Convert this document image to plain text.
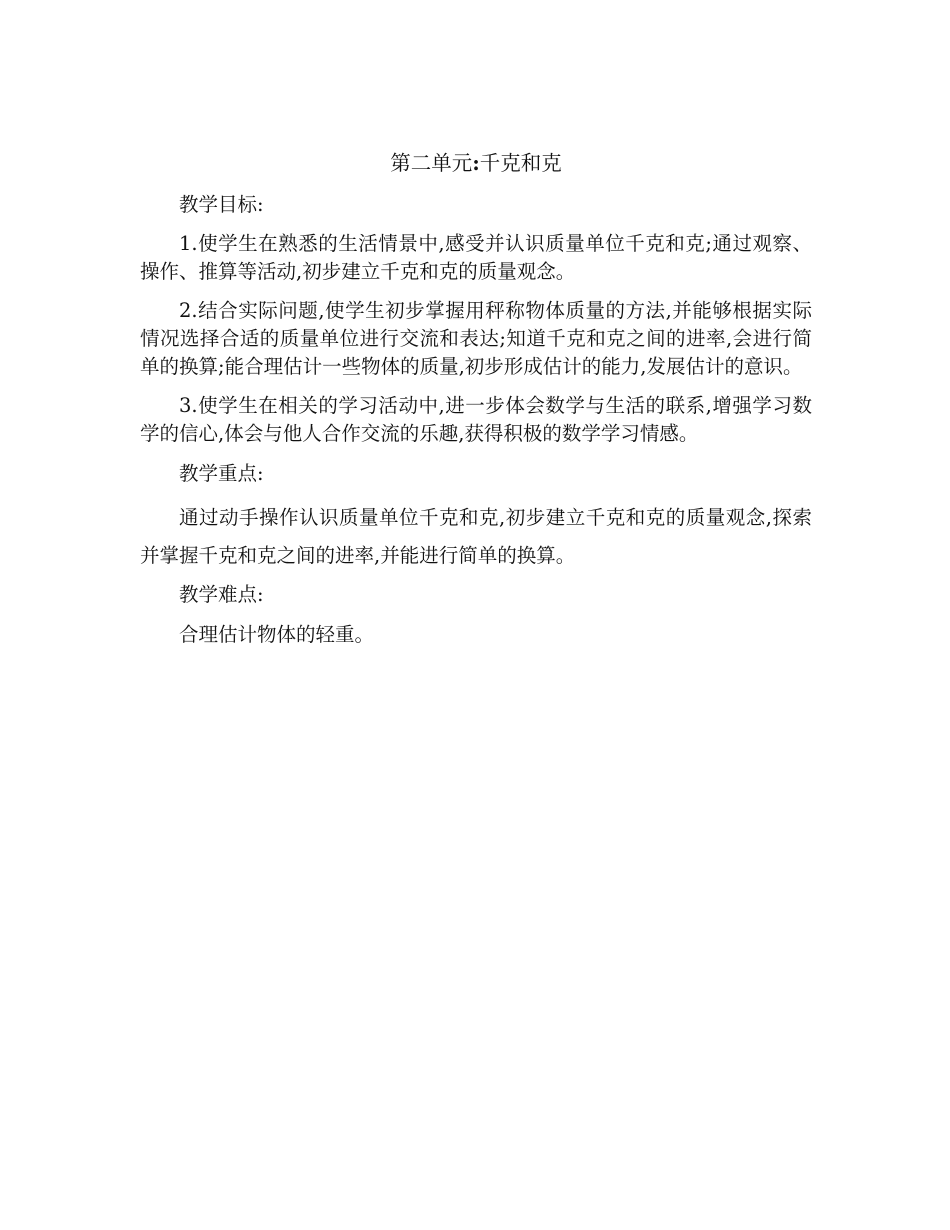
第二单元:千克和克

教学目标:

1.使学生在熟悉的生活情景中,感受并认识质量单位千克和克;通过观察、操作、推算等活动,初步建立千克和克的质量观念。

2.结合实际问题,使学生初步掌握用秤称物体质量的方法,并能够根据实际情况选择合适的质量单位进行交流和表达;知道千克和克之间的进率,会进行简单的换算;能合理估计一些物体的质量,初步形成估计的能力,发展估计的意识。

3.使学生在相关的学习活动中,进一步体会数学与生活的联系,增强学习数学的信心,体会与他人合作交流的乐趣,获得积极的数学学习情感。

教学重点:

通过动手操作认识质量单位千克和克,初步建立千克和克的质量观念,探索并掌握千克和克之间的进率,并能进行简单的换算。

教学难点:

合理估计物体的轻重。
